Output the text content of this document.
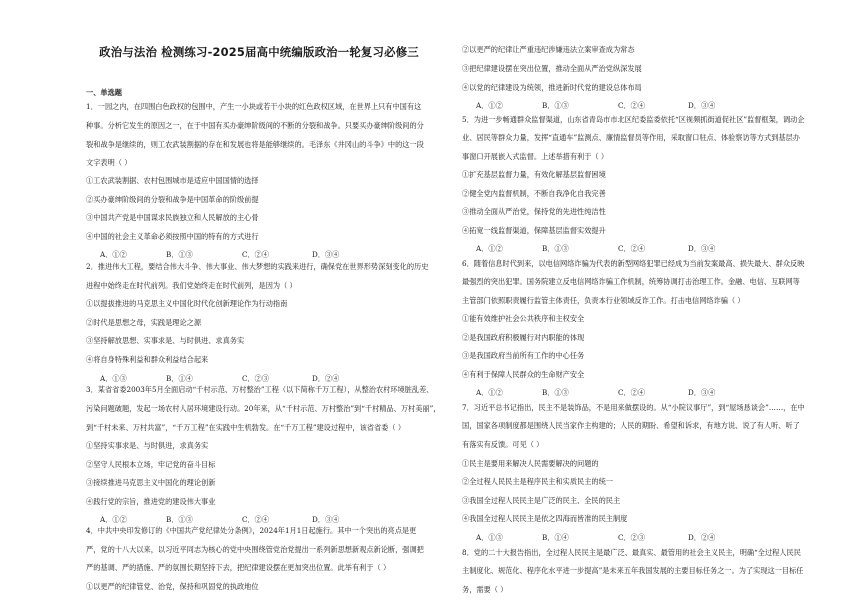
政治与法治 检测练习-2025届高中统编版政治一轮复习必修三
一、单选题
1．一园之内，在四围白色政权的包围中，产生一小块或若干小块的红色政权区域，在世界上只有中国有这
种事。分析它发生的原因之一，在于中国有买办豪绅阶级间的不断的分裂和战争。只要买办豪绅阶级间的分
裂和战争是继续的，则工农武装割据的存在和发展也将是能够继续的。毛泽东《井冈山的斗争》中的这一段
文字表明（ ）
①工农武装割据、农村包围城市是适应中国国情的选择
②买办豪绅阶级间的分裂和战争是中国革命的阶级前提
③中国共产党是中国谋求民族独立和人民解放的主心骨
④中国的社会主义革命必须按照中国的特有的方式进行
2．推进伟大工程，要结合伟大斗争、伟大事业、伟大梦想的实践来进行，确保党在世界形势深刻变化的历史
进程中始终走在时代前列。我们党始终走在时代前列，是因为（ ）
①以提拔推进的马克思主义中国化时代化创新理论作为行动指南
②时代是思想之母，实践是理论之源
③坚持解放思想、实事求是、与时俱进、求真务实
④将自身特殊利益和群众利益结合起来
3．某省省委2003年5月全面启动“千村示范、万村整治”工程（以下简称千万工程），从整治农村环境脏乱差、
污染问题破题，发起一场农村人居环境建设行动。20年来，从“千村示范、万村整治”到“千村精品、万村美丽”，
到“千村未来、万村共富”，“千万工程”在实践中生机勃发。在“千万工程”建设过程中，该省省委（ ）
①坚持实事求是、与时俱进，求真务实
②坚守人民根本立场，牢记党的奋斗目标
③接续推进马克思主义中国化的理论创新
④践行党的宗旨，推进党的建设伟大事业
4．中共中央印发修订的《中国共产党纪律处分条例》，2024年1月1日起施行。其中一个突出的亮点是更
严，党的十八大以来，以习近平同志为核心的党中央围绕管党治党提出一系列新思想新观点新论断，强调把
严的基调、严的措施、严的氛围长期坚持下去，把纪律建设摆在更加突出位置。此举有利于（ ）
①以更严的纪律管党、治党，保持和巩固党的执政地位
A．①②	B．①③	C．②④	D．③④
A．①③	B．①④	C．②③	D．②④
A．①②	B．①③	C．②④	D．③④
②以更严的纪律让严重违纪涉嫌违法立案审查成为常态
③把纪律建设摆在突出位置，推动全面从严治党纵深发展
④以党的纪律建设为统领，推进新时代党的建设总体布局
5．为进一步畅通群众监督渠道，山东省青岛市市北区纪委监委依托“区视频抓街道促社区”监督框架，调动企
业、居民等群众力量，发挥“直通车”监测点、廉情监督员等作用，采取窗口驻点、体验察访等方式到基层办
事窗口开展嵌入式监督。上述举措有利于（ ）
①扩充基层监督力量，有效化解基层监督困境
②健全党内监督机制，不断自我净化自我完善
③推动全面从严治党，保持党的先进性纯洁性
④拓宽一线监督渠道，保障基层监督实效提升
6．随着信息时代到来，以电信网络诈骗为代表的新型网络犯罪已经成为当前发案最高、损失最大、群众反映
最强烈的突出犯罪。国务院建立反电信网络诈骗工作机制，统筹协调打击治理工作。金融、电信、互联网等
主管部门依照职责履行监管主体责任，负责本行业领域反诈工作。打击电信网络诈骗（ ）
①能有效维护社会公共秩序和主权安全
②是我国政府积极履行对内职能的体现
③是我国政府当前所有工作的中心任务
④有利于保障人民群众的生命财产安全
7．习近平总书记指出，民主不是装饰品，不是用来做摆设的。从“小院议事厅”，到“屋场恳谈会”……，在中
国，国家各项制度都是围绕人民当家作主构建的；人民的期盼、希望和诉求，有地方说、说了有人听、听了
有落实有反馈。可见（ ）
①民主是要用来解决人民需要解决的问题的
②全过程人民民主是程序民主和实质民主的统一
③我国全过程人民民主是广泛的民主、全民的民主
④我国全过程人民民主是依之四海而皆准的民主制度
8．党的二十大报告指出，全过程人民民主是最广泛、最真实、最管用的社会主义民主，明确“全过程人民民
主制度化、规范化、程序化水平进一步提高”是未来五年我国发展的主要目标任务之一。为了实现这一目标任
务，需要（ ）
A．①②	B．①③	C．②④	D．③④
A．①②	B．①③	C．②④	D．③④
A．①②	B．①③	C．②④	D．③④
A．①③	B．①④	C．②③	D．②④
